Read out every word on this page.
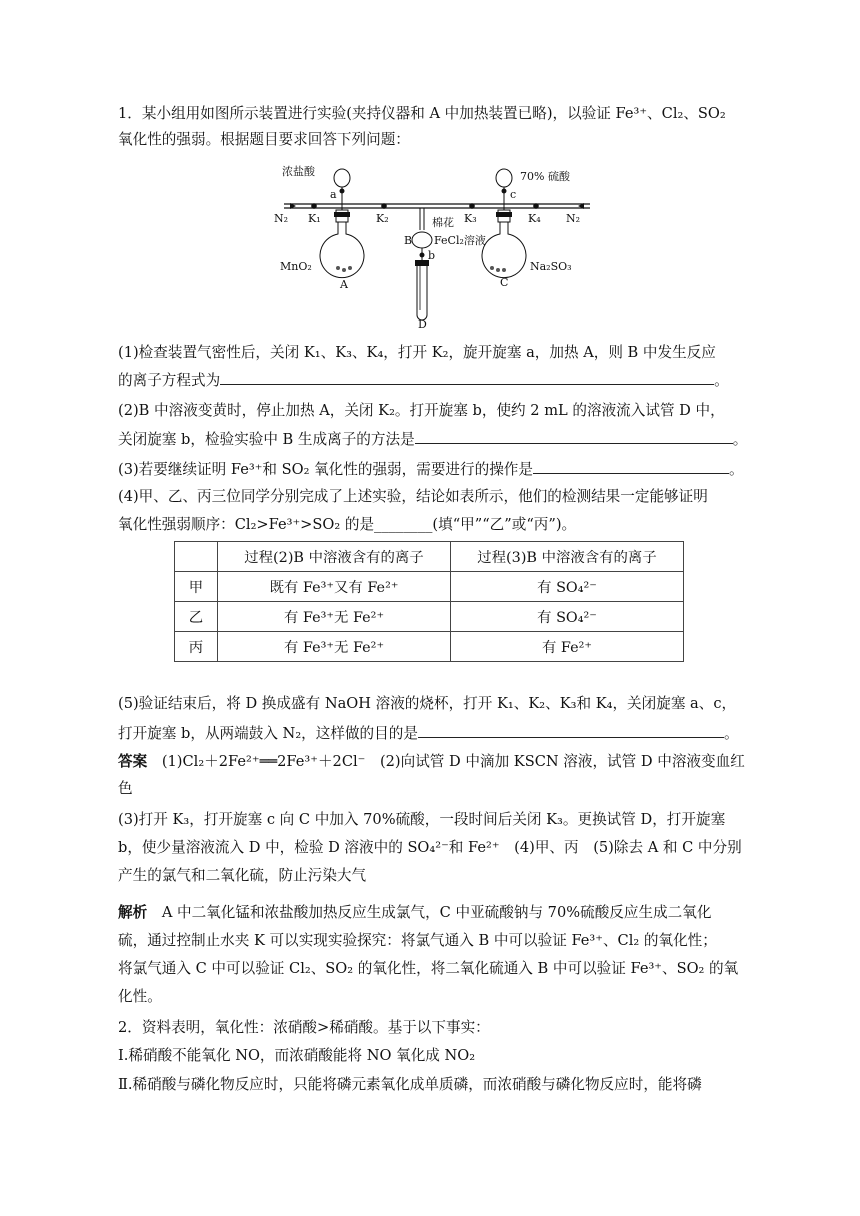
1．某小组用如图所示装置进行实验(夹持仪器和 A 中加热装置已略)，以验证 Fe³⁺、Cl₂、SO₂
氧化性的强弱。根据题目要求回答下列问题：
浓盐酸
a
70% 硫酸
c
N₂ K₁	K₂	K₃	K₄ N₂
棉花
B FeCl₂溶液
b
MnO₂
A
Na₂SO₃
C
D
(1)检查装置气密性后，关闭 K₁、K₃、K₄，打开 K₂，旋开旋塞 a，加热 A，则 B 中发生反应
的离子方程式为	。
(2)B 中溶液变黄时，停止加热 A，关闭 K₂。打开旋塞 b，使约 2 mL 的溶液流入试管 D 中，
关闭旋塞 b，检验实验中 B 生成离子的方法是	。
(3)若要继续证明 Fe³⁺和 SO₂ 氧化性的强弱，需要进行的操作是	。
(4)甲、乙、丙三位同学分别完成了上述实验，结论如表所示，他们的检测结果一定能够证明
氧化性强弱顺序：Cl₂>Fe³⁺>SO₂ 的是________(填“甲”“乙”或“丙”)。
	过程(2)B 中溶液含有的离子	过程(3)B 中溶液含有的离子
甲	既有 Fe³⁺又有 Fe²⁺	有 SO₄²⁻
乙	有 Fe³⁺无 Fe²⁺	有 SO₄²⁻
丙	有 Fe³⁺无 Fe²⁺	有 Fe²⁺
(5)验证结束后，将 D 换成盛有 NaOH 溶液的烧杯，打开 K₁、K₂、K₃和 K₄，关闭旋塞 a、c，
打开旋塞 b，从两端鼓入 N₂，这样做的目的是	。
答案　 (1)Cl₂＋2Fe²⁺══2Fe³⁺＋2Cl⁻　(2)向试管 D 中滴加 KSCN 溶液，试管 D 中溶液变血红
色
(3)打开 K₃，打开旋塞 c 向 C 中加入 70%硫酸，一段时间后关闭 K₃。更换试管 D，打开旋塞
b，使少量溶液流入 D 中，检验 D 溶液中的 SO₄²⁻和 Fe²⁺　(4)甲、丙　(5)除去 A 和 C 中分别
产生的氯气和二氧化硫，防止污染大气
解析　 A 中二氧化锰和浓盐酸加热反应生成氯气，C 中亚硫酸钠与 70%硫酸反应生成二氧化
硫，通过控制止水夹 K 可以实现实验探究：将氯气通入 B 中可以验证 Fe³⁺、Cl₂ 的氧化性；
将氯气通入 C 中可以验证 Cl₂、SO₂ 的氧化性，将二氧化硫通入 B 中可以验证 Fe³⁺、SO₂ 的氧
化性。
2．资料表明，氧化性：浓硝酸>稀硝酸。基于以下事实：
Ⅰ.稀硝酸不能氧化 NO，而浓硝酸能将 NO 氧化成 NO₂
Ⅱ.稀硝酸与磷化物反应时，只能将磷元素氧化成单质磷，而浓硝酸与磷化物反应时，能将磷
